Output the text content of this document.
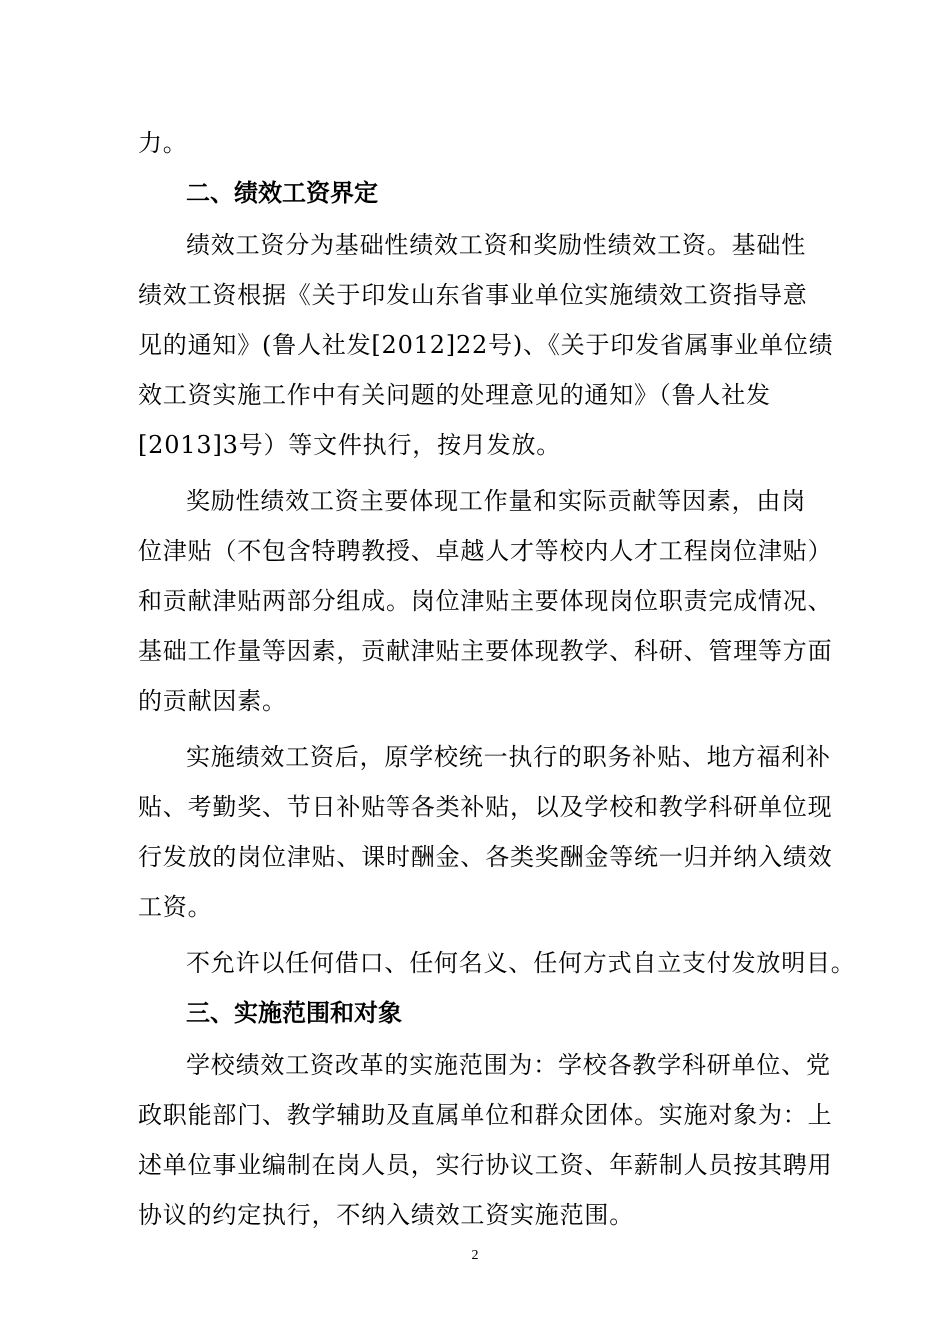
力。
二、绩效工资界定
绩效工资分为基础性绩效工资和奖励性绩效工资。基础性
绩效工资根据《关于印发山东省事业单位实施绩效工资指导意
见的通知》(鲁人社发[2012]22号)、《关于印发省属事业单位绩
效工资实施工作中有关问题的处理意见的通知》（鲁人社发
[2013]3号）等文件执行，按月发放。
奖励性绩效工资主要体现工作量和实际贡献等因素，由岗
位津贴（不包含特聘教授、卓越人才等校内人才工程岗位津贴）
和贡献津贴两部分组成。岗位津贴主要体现岗位职责完成情况、
基础工作量等因素，贡献津贴主要体现教学、科研、管理等方面
的贡献因素。
实施绩效工资后，原学校统一执行的职务补贴、地方福利补
贴、考勤奖、节日补贴等各类补贴，以及学校和教学科研单位现
行发放的岗位津贴、课时酬金、各类奖酬金等统一归并纳入绩效
工资。
不允许以任何借口、任何名义、任何方式自立支付发放明目。
三、实施范围和对象
学校绩效工资改革的实施范围为：学校各教学科研单位、党
政职能部门、教学辅助及直属单位和群众团体。实施对象为：上
述单位事业编制在岗人员，实行协议工资、年薪制人员按其聘用
协议的约定执行，不纳入绩效工资实施范围。
2
